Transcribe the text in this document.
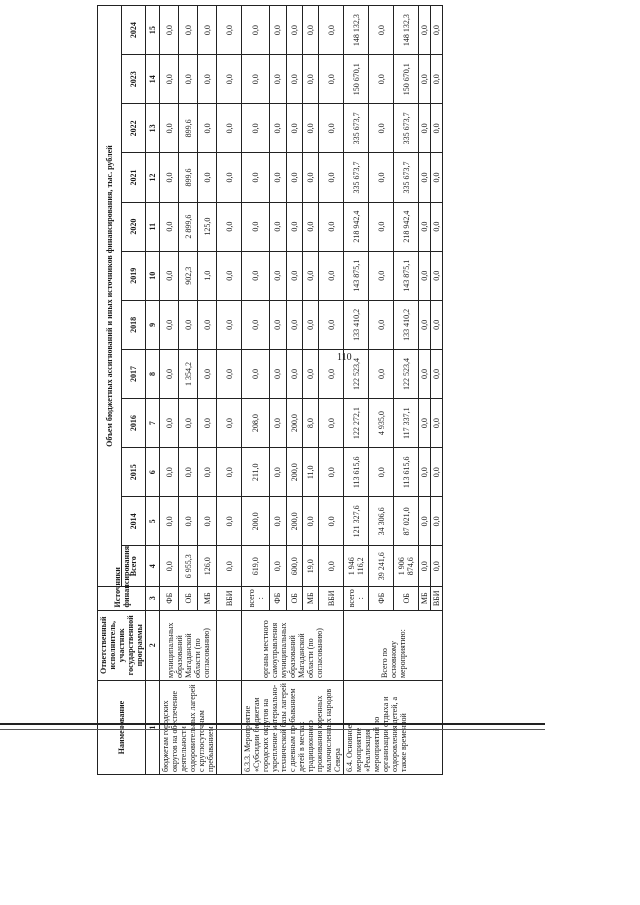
110
Наименование	Ответственный исполнитель, участник государственной программы	Источники финансирования	Объем бюджетных ассигнований и иных источников финансирования, тыс. рублей											
			Всего	2014	2015	2016	2017	2018	2019	2020	2021	2022	2023	2024
1	2	3	4	5	6	7	8	9	10	11	12	13	14	15
бюджетам городских округов на обеспечение деятельности оздоровительных лагерей с круглосуточным пребыванием	муниципальных образований Магаданской области (по согласованию)	ФБ	0,0	0,0	0,0	0,0	0,0	0,0	0,0	0,0	0,0	0,0	0,0	0,0
		ОБ	6 955,3	0,0	0,0	0,0	1 354,2	0,0	902,3	2 899,6	899,6	899,6	0,0	0,0
		МБ	126,0	0,0	0,0	0,0	0,0	0,0	1,0	125,0	0,0	0,0	0,0	0,0
		ВБИ	0,0	0,0	0,0	0,0	0,0	0,0	0,0	0,0	0,0	0,0	0,0	0,0
6.3.3. Мероприятие «Субсидии бюджетам городских округов на укрепление материально-технической базы лагерей с дневным пребыванием детей в местах традиционного проживания коренных малочисленных народов Севера	органы местного самоуправления муниципальных образований Магаданской области (по согласованию)	всего :	619,0	200,0	211,0	208,0	0,0	0,0	0,0	0,0	0,0	0,0	0,0	0,0
		ФБ	0,0	0,0	0,0	0,0	0,0	0,0	0,0	0,0	0,0	0,0	0,0	0,0
		ОБ	600,0	200,0	200,0	200,0	0,0	0,0	0,0	0,0	0,0	0,0	0,0	0,0
		МБ	19,0	0,0	11,0	8,0	0,0	0,0	0,0	0,0	0,0	0,0	0,0	0,0
		ВБИ	0,0	0,0	0,0	0,0	0,0	0,0	0,0	0,0	0,0	0,0	0,0	0,0
6.4. Основное мероприятие «Реализация мероприятий по организации отдыха и оздоровления детей, а также временной	Всего по основному мероприятию:	всего :	1 946 116,2	121 327,6	113 615,6	122 272,1	122 523,4	133 410,2	143 875,1	218 942,4	335 673,7	335 673,7	150 670,1	148 132,3
		ФБ	39 241,6	34 306,6	0,0	4 935,0	0,0	0,0	0,0	0,0	0,0	0,0	0,0	0,0
		ОБ	1 906 874,6	87 021,0	113 615,6	117 337,1	122 523,4	133 410,2	143 875,1	218 942,4	335 673,7	335 673,7	150 670,1	148 132,3
		МБ	0,0	0,0	0,0	0,0	0,0	0,0	0,0	0,0	0,0	0,0	0,0	0,0
		ВБИ	0,0	0,0	0,0	0,0	0,0	0,0	0,0	0,0	0,0	0,0	0,0	0,0
